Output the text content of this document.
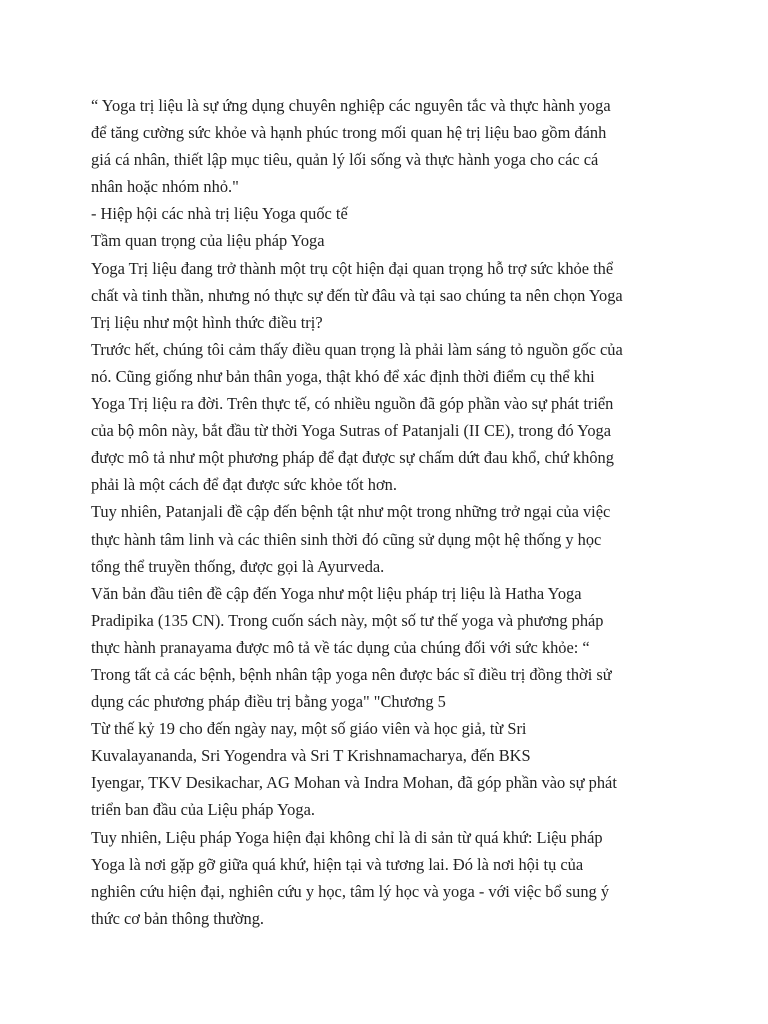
“ Yoga trị liệu là sự ứng dụng chuyên nghiệp các nguyên tắc và thực hành yoga
để tăng cường sức khỏe và hạnh phúc trong mối quan hệ trị liệu bao gồm đánh
giá cá nhân, thiết lập mục tiêu, quản lý lối sống và thực hành yoga cho các cá
nhân hoặc nhóm nhỏ."
- Hiệp hội các nhà trị liệu Yoga quốc tế
Tầm quan trọng của liệu pháp Yoga
Yoga Trị liệu đang trở thành một trụ cột hiện đại quan trọng hỗ trợ sức khỏe thể
chất và tinh thần, nhưng nó thực sự đến từ đâu và tại sao chúng ta nên chọn Yoga
Trị liệu như một hình thức điều trị?
Trước hết, chúng tôi cảm thấy điều quan trọng là phải làm sáng tỏ nguồn gốc của
nó. Cũng giống như bản thân yoga, thật khó để xác định thời điểm cụ thể khi
Yoga Trị liệu ra đời. Trên thực tế, có nhiều nguồn đã góp phần vào sự phát triển
của bộ môn này, bắt đầu từ thời Yoga Sutras of Patanjali (II CE), trong đó Yoga
được mô tả như một phương pháp để đạt được sự chấm dứt đau khổ, chứ không
phải là một cách để đạt được sức khỏe tốt hơn.
Tuy nhiên, Patanjali đề cập đến bệnh tật như một trong những trở ngại của việc
thực hành tâm linh và các thiên sinh thời đó cũng sử dụng một hệ thống y học
tổng thể truyền thống, được gọi là Ayurveda.
Văn bản đầu tiên đề cập đến Yoga như một liệu pháp trị liệu là Hatha Yoga
Pradipika (135 CN). Trong cuốn sách này, một số tư thế yoga và phương pháp
thực hành pranayama được mô tả về tác dụng của chúng đối với sức khỏe: “
Trong tất cả các bệnh, bệnh nhân tập yoga nên được bác sĩ điều trị đồng thời sử
dụng các phương pháp điều trị bằng yoga" "Chương 5
Từ thế kỷ 19 cho đến ngày nay, một số giáo viên và học giả, từ Sri
Kuvalayananda, Sri Yogendra và Sri T Krishnamacharya, đến BKS
Iyengar, TKV Desikachar, AG Mohan và Indra Mohan, đã góp phần vào sự phát
triển ban đầu của Liệu pháp Yoga.
Tuy nhiên, Liệu pháp Yoga hiện đại không chỉ là di sản từ quá khứ: Liệu pháp
Yoga là nơi gặp gỡ giữa quá khứ, hiện tại và tương lai. Đó là nơi hội tụ của
nghiên cứu hiện đại, nghiên cứu y học, tâm lý học và yoga - với việc bổ sung ý
thức cơ bản thông thường.
